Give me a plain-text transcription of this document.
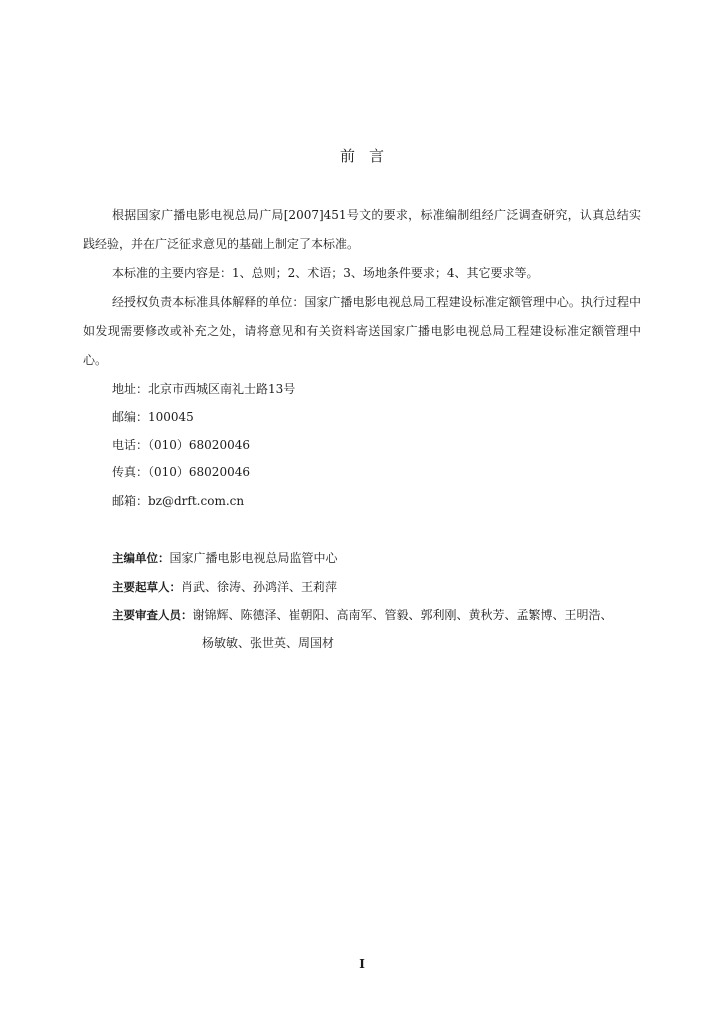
前言

根据国家广播电影电视总局广局[2007]451号文的要求，标准编制组经广泛调查研究，认真总结实践经验，并在广泛征求意见的基础上制定了本标准。

本标准的主要内容是：1、总则；2、术语；3、场地条件要求；4、其它要求等。

经授权负责本标准具体解释的单位：国家广播电影电视总局工程建设标准定额管理中心。执行过程中如发现需要修改或补充之处，请将意见和有关资料寄送国家广播电影电视总局工程建设标准定额管理中心。

地址：北京市西城区南礼士路13号

邮编：100045

电话：（010）68020046

传真：（010）68020046

邮箱：bz@drft.com.cn

主编单位：国家广播电影电视总局监管中心

主要起草人：肖武、徐涛、孙鸿洋、王莉萍

主要审查人员：谢锦辉、陈德泽、崔朝阳、高南军、管毅、郭利刚、黄秋芳、孟繁博、王明浩、

杨敏敏、张世英、周国材

I
